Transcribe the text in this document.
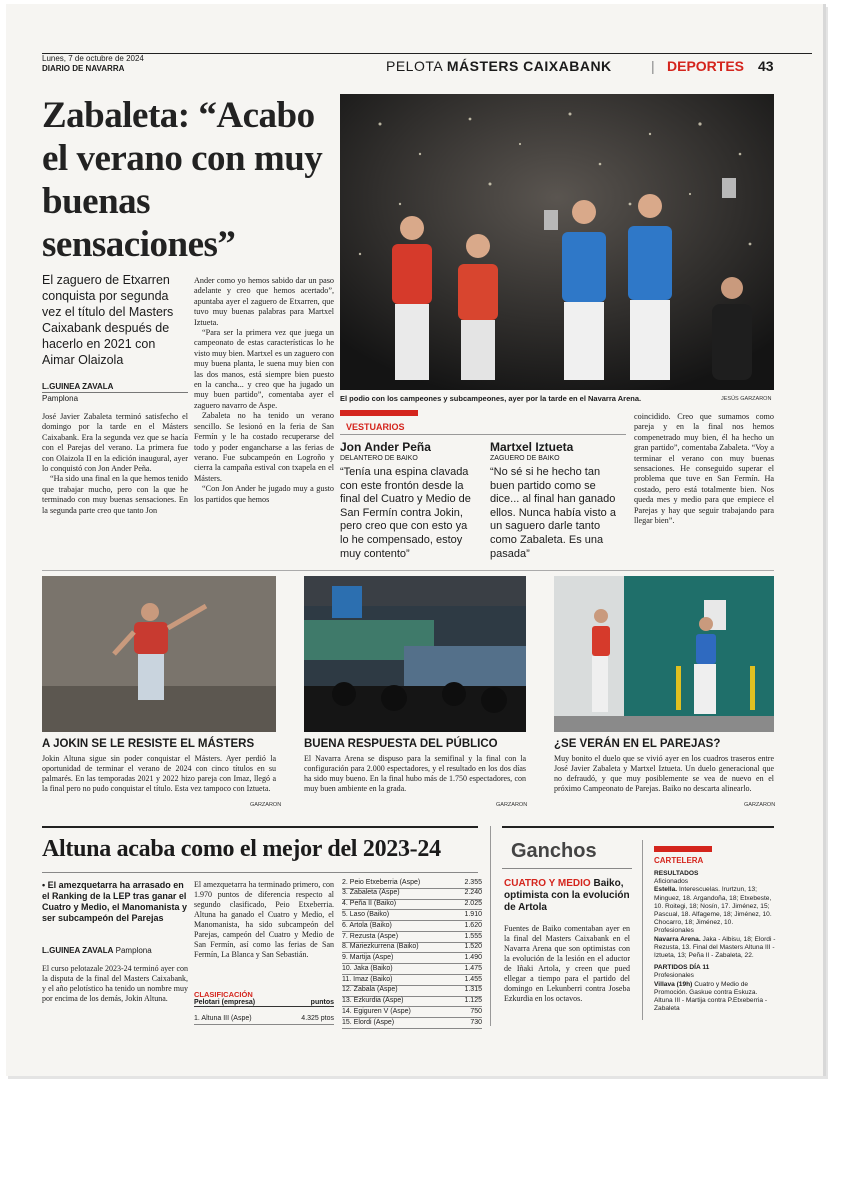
Lunes, 7 de octubre de 2024
DIARIO DE NAVARRA	PELOTA MÁSTERS CAIXABANK	| DEPORTES 43
Zabaleta: “Acabo el verano con muy buenas sensaciones”
El zaguero de Etxarren conquista por segunda vez el título del Masters Caixabank después de hacerlo en 2021 con Aimar Olaizola
L.GUINEA ZAVALA
Pamplona

José Javier Zabaleta terminó satisfecho el domingo por la tarde en el Másters Caixabank. Era la segunda vez que se hacía con el Parejas del verano. La primera fue con Olaizola II en la edición inaugural, ayer lo conquistó con Jon Ander Peña.

“Ha sido una final en la que hemos tenido que trabajar mucho, pero con la que he terminado con muy buenas sensaciones. En la segunda parte creo que tanto Jon

Ander como yo hemos sabido dar un paso adelante y creo que hemos acertado”, apuntaba ayer el zaguero de Etxarren, que tuvo muy buenas palabras para Martxel Iztueta.

“Para ser la primera vez que juega un campeonato de estas características lo he visto muy bien. Martxel es un zaguero con muy buena planta, le suena muy bien con las dos manos, está siempre bien puesto en la cancha... y creo que ha jugado un muy buen partido”, comentaba ayer el zaguero navarro de Aspe.

Zabaleta no ha tenido un verano sencillo. Se lesionó en la feria de San Fermín y le ha costado recuperarse del todo y poder engancharse a las ferias de verano. Fue subcampeón en Logroño y cierra la campaña estival con txapela en el Másters.

“Con Jon Ander he jugado muy a gusto los partidos que hemos

El podio con los campeones y subcampeones, ayer por la tarde en el Navarra Arena.	JESÚS GARZARON
VESTUARIOS
Jon Ander Peña
DELANTERO DE BAIKO
“Tenía una espina clavada con este frontón desde la final del Cuatro y Medio de San Fermín contra Jokin, pero creo que con esto ya lo he compensado, estoy muy contento”
Martxel Iztueta
ZAGUERO DE BAIKO
“No sé si he hecho tan buen partido como se dice... al final han ganado ellos. Nunca había visto a un saguero darle tanto como Zabaleta. Es una pasada”
coincidido. Creo que sumamos como pareja y en la final nos hemos compenetrado muy bien, él ha hecho un gran partido”, comentaba Zabaleta. “Voy a terminar el verano con muy buenas sensaciones. He conseguido superar el problema que tuve en San Fermín. Ha costado, pero está totalmente bien. Nos queda mes y medio para que empiece el Parejas y hay que seguir trabajando para llegar bien”.
A JOKIN SE LE RESISTE EL MÁSTERS
Jokin Altuna sigue sin poder conquistar el Másters. Ayer perdió la oportunidad de terminar el verano de 2024 con cinco títulos en su palmarés. En las temporadas 2021 y 2022 hizo pareja con Imaz, llegó a la final pero no pudo conquistar el título. Esta vez tampoco con Iztueta.
GARZARON
BUENA RESPUESTA DEL PÚBLICO
El Navarra Arena se dispuso para la semifinal y la final con la configuración para 2.000 espectadores, y el resultado en los dos días ha sido muy bueno. En la final hubo más de 1.750 espectadores, con muy buen ambiente en la grada.
GARZARON
¿SE VERÁN EN EL PAREJAS?
Muy bonito el duelo que se vivió ayer en los cuadros traseros entre José Javier Zabaleta y Martxel Iztueta. Un duelo generacional que no defraudó, y que muy posiblemente se vea de nuevo en el próximo Campeonato de Parejas. Baiko no descarta alinearlo.
GARZARON
Altuna acaba como el mejor del 2023-24
• El amezquetarra ha arrasado en el Ranking de la LEP tras ganar el Cuatro y Medio, el Manomanista y ser subcampeón del Parejas
L.GUINEA ZAVALA Pamplona
El curso pelotazale 2023-24 terminó ayer con la disputa de la final del Masters Caixabank, y el año pelotístico ha tenido un nombre muy por encima de los demás, Jokin Altuna.
El amezquetarra ha terminado primero, con 1.970 puntos de diferencia respecto al segundo clasificado, Peio Etxeberria. Altuna ha ganado el Cuatro y Medio, el Manomanista, ha sido subcampeón del Parejas, campeón del Cuatro y Medio de San Fermín, así como las ferias de San Fermín, La Blanca y San Sebastián.
CLASIFICACIÓN
Pelotari (empresa)	puntos
1. Altuna III (Aspe)	4.325 ptos
2. Peio Etxeberria (Aspe)	2.355
3. Zabaleta (Aspe)	2.240
4. Peña II (Baiko)	2.025
5. Laso (Baiko)	1.910
6. Artola (Baiko)	1.620
7. Rezusta (Aspe)	1.555
8. Mariezkurrena (Baiko)	1.520
9. Martija (Aspe)	1.490
10. Jaka (Baiko)	1.475
11. Imaz (Baiko)	1.455
12. Zabala (Aspe)	1.315
13. Ezkurdia (Aspe)	1.125
14. Egiguren V (Aspe)	750
15. Elordi (Aspe)	730
Ganchos
CUATRO Y MEDIO Baiko, optimista con la evolución de Artola
Fuentes de Baiko comentaban ayer en la final del Masters Caixabank en el Navarra Arena que son optimistas con la evolución de la lesión en el aductor de Iñaki Artola, y creen que pued ellegar a tiempo para el partido del domingo en Lekunberri contra Joseba Ezkurdia en los octavos.
CARTELERA
RESULTADOS
Aficionados
Estella. Interescuelas. Irurtzun, 13; Minguez, 18. Argandoña, 18; Etxebeste, 10. Roitegi, 18; Nosín, 17. Jiménez, 15; Pascual, 18. Alfageme, 18; Jiménez, 10. Chocarro, 18; Jiménez, 10.
Profesionales
Navarra Arena. Jaka - Albisu, 18; Elordi - Rezusta, 13. Final del Masters Altuna III - Iztueta, 13; Peña II - Zabaleta, 22.
PARTIDOS DÍA 11
Profesionales
Villava (19h) Cuatro y Medio de Promoción. Gaskue contra Eskuza. Altuna III - Martija contra P.Etxeberria - Zabaleta
